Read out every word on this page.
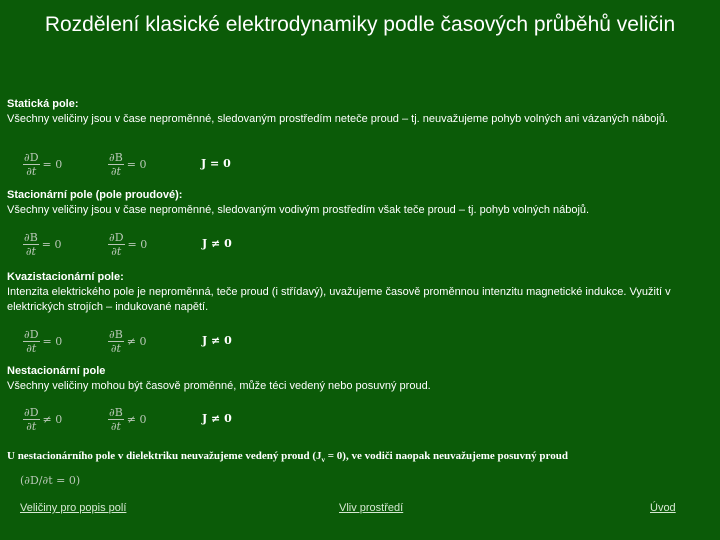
Rozdělení klasické elektrodynamiky podle časových průběhů veličin
Statická pole:
Všechny veličiny jsou v čase neproměnné, sledovaným prostředím neteče proud – tj. neuvažujeme pohyb volných ani vázaných nábojů.
$\frac{\partial D}{\partial t} = 0$	$\frac{\partial B}{\partial t} = 0$	J = 0
Stacionární pole (pole proudové):
Všechny veličiny jsou v čase neproměnné, sledovaným vodivým prostředím však teče proud – tj. pohyb volných nábojů.
$\frac{\partial B}{\partial t} = 0$	$\frac{\partial D}{\partial t} = 0$	J ≠ 0
Kvazistacionární pole:
Intenzita elektrického pole je neproměnná, teče proud (i střídavý), uvažujeme časově proměnnou intenzitu magnetické indukce. Využití v elektrických strojích – indukované napětí.
$\frac{\partial D}{\partial t} = 0$	$\frac{\partial B}{\partial t} \ne 0$	J ≠ 0
Nestacionární pole
Všechny veličiny mohou být časově proměnné, může téci vedený nebo posuvný proud.
$\frac{\partial D}{\partial t} \ne 0$	$\frac{\partial B}{\partial t} \ne 0$	J ≠ 0
U nestacionárního pole v dielektriku neuvažujeme vedený proud $(J_v = 0)$, ve vodiči naopak neuvažujeme posuvný proud
(∂D/∂t = 0)
Veličiny pro popis polí	Vliv prostředí	Úvod
